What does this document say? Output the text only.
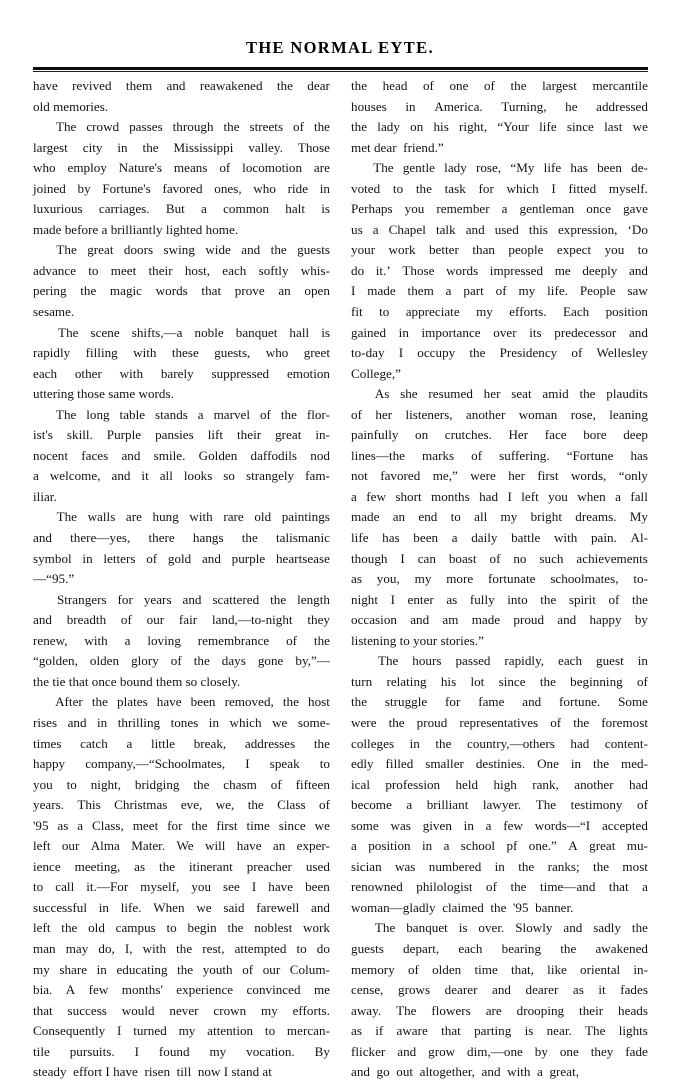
THE NORMAL EYTE.

have revived them and reawakened the dear
old memories.

The crowd passes through the streets of the
largest city in the Mississippi valley. Those
who employ Nature's means of locomotion are
joined by Fortune's favored ones, who ride in
luxurious carriages. But a common halt is
made before a brilliantly lighted home.

The great doors swing wide and the guests
advance to meet their host, each softly whis-
pering the magic words that prove an open
sesame.

The scene shifts,—a noble banquet hall is
rapidly filling with these guests, who greet
each other with barely suppressed emotion
uttering those same words.

The long table stands a marvel of the flor-
ist's skill. Purple pansies lift their great in-
nocent faces and smile. Golden daffodils nod
a welcome, and it all looks so strangely fam-
iliar.

The walls are hung with rare old paintings
and there—yes, there hangs the talismanic
symbol in letters of gold and purple heartsease
—“95.”

Strangers for years and scattered the length
and breadth of our fair land,—to-night they
renew, with a loving remembrance of the
“golden, olden glory of the days gone by,”—
the tie that once bound them so closely.

After the plates have been removed, the host
rises and in thrilling tones in which we some-
times catch a little break, addresses the
happy company,—“Schoolmates, I speak to
you to night, bridging the chasm of fifteen
years. This Christmas eve, we, the Class of
'95 as a Class, meet for the first time since we
left our Alma Mater. We will have an exper-
ience meeting, as the itinerant preacher used
to call it.—For myself, you see I have been
successful in life. When we said farewell and
left the old campus to begin the noblest work
man may do, I, with the rest, attempted to do
my share in educating the youth of our Colum-
bia. A few months' experience convinced me
that success would never crown my efforts.
Consequently I turned my attention to mercan-
tile pursuits. I found my vocation. By
steady  effort I have  risen  till  now I stand at

the head of one of the largest mercantile
houses in America. Turning, he addressed
the lady on his right, “Your life since last we
met dear  friend.”

The gentle lady rose, “My life has been de-
voted to the task for which I fitted myself.
Perhaps you remember a gentleman once gave
us a Chapel talk and used this expression, ‘Do
your work better than people expect you to
do it.’ Those words impressed me deeply and
I made them a part of my life. People saw
fit to appreciate my efforts. Each position
gained in importance over its predecessor and
to-day I occupy the Presidency of Wellesley
College,”

As she resumed her seat amid the plaudits
of her listeners, another woman rose, leaning
painfully on crutches. Her face bore deep
lines—the marks of suffering. “Fortune has
not favored me,” were her first words, “only
a few short months had I left you when a fall
made an end to all my bright dreams. My
life has been a daily battle with pain. Al-
though I can boast of no such achievements
as you, my more fortunate schoolmates, to-
night I enter as fully into the spirit of the
occasion and am made proud and happy by
listening to your stories.”

The hours passed rapidly, each guest in
turn relating his lot since the beginning of
the struggle for fame and fortune. Some
were the proud representatives of the foremost
colleges in the country,—others had content-
edly filled smaller destinies. One in the med-
ical profession held high rank, another had
become a brilliant lawyer. The testimony of
some was given in a few words—“I accepted
a position in a school pf one.” A great mu-
sician was numbered in the ranks; the most
renowned philologist of the time—and that a
woman—gladly  claimed  the  '95  banner.

The banquet is over. Slowly and sadly the
guests depart, each bearing the awakened
memory of olden time that, like oriental in-
cense, grows dearer and dearer as it fades
away. The flowers are drooping their heads
as if aware that parting is near. The lights
flicker and grow dim,—one by one they fade
and  go  out  altogether,  and  with  a  great,
